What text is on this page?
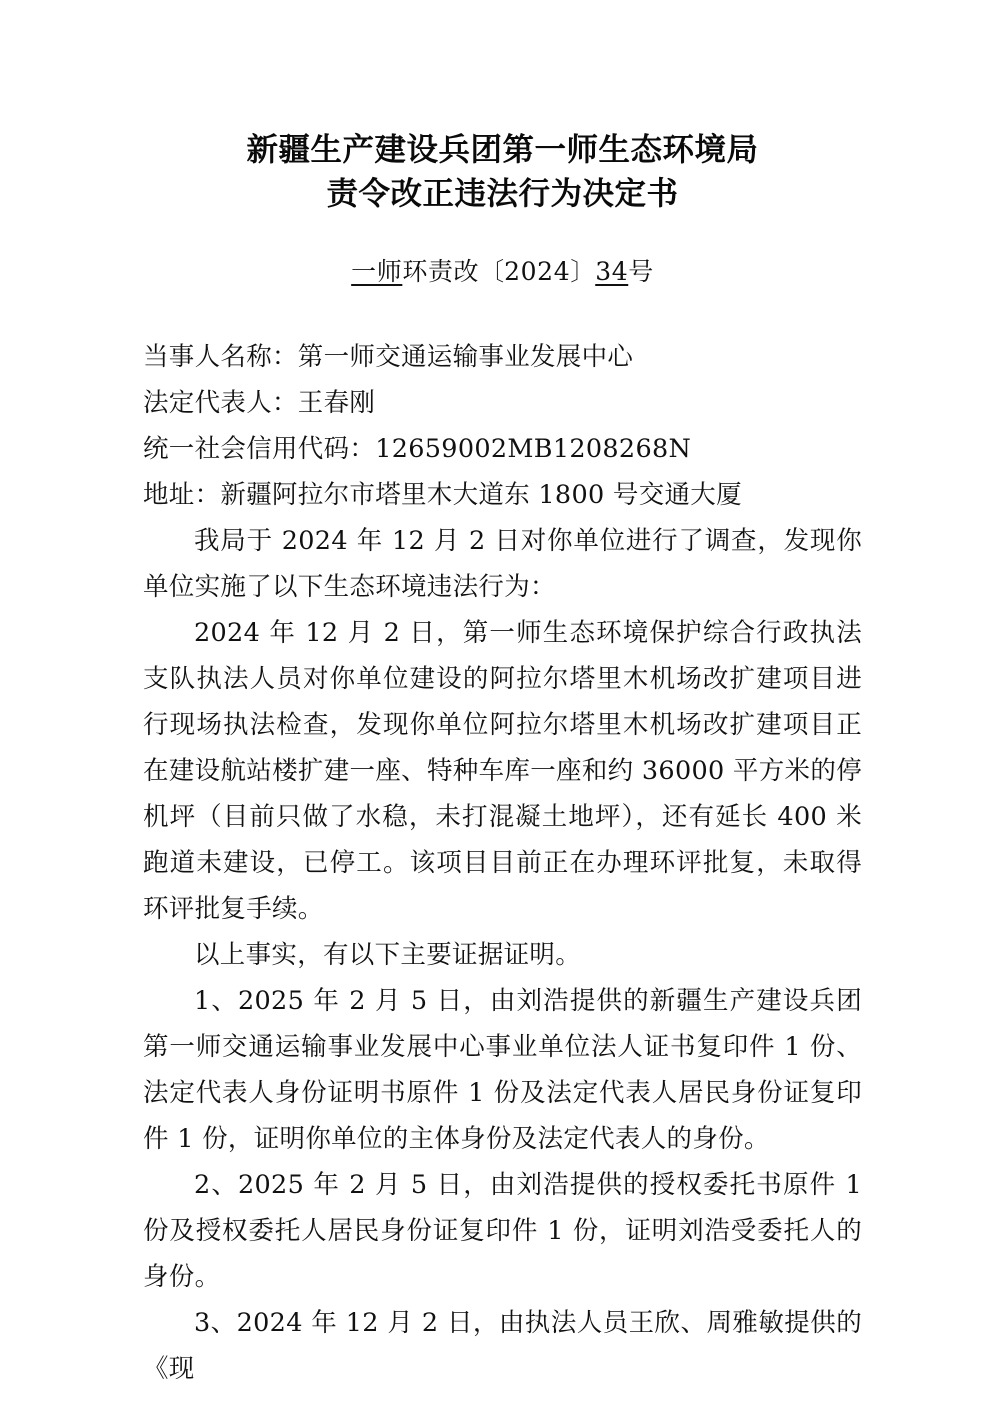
新疆生产建设兵团第一师生态环境局
责令改正违法行为决定书

一师环责改〔2024〕34号

当事人名称：第一师交通运输事业发展中心

法定代表人：王春刚

统一社会信用代码：12659002MB1208268N

地址：新疆阿拉尔市塔里木大道东 1800 号交通大厦

我局于 2024 年 12 月 2 日对你单位进行了调查，发现你单位实施了以下生态环境违法行为：

2024 年 12 月 2 日，第一师生态环境保护综合行政执法支队执法人员对你单位建设的阿拉尔塔里木机场改扩建项目进行现场执法检查，发现你单位阿拉尔塔里木机场改扩建项目正在建设航站楼扩建一座、特种车库一座和约 36000 平方米的停机坪（目前只做了水稳，未打混凝土地坪），还有延长 400 米跑道未建设，已停工。该项目目前正在办理环评批复，未取得环评批复手续。

以上事实，有以下主要证据证明。

1、2025 年 2 月 5 日，由刘浩提供的新疆生产建设兵团第一师交通运输事业发展中心事业单位法人证书复印件 1 份、法定代表人身份证明书原件 1 份及法定代表人居民身份证复印件 1 份，证明你单位的主体身份及法定代表人的身份。

2、2025 年 2 月 5 日，由刘浩提供的授权委托书原件 1 份及授权委托人居民身份证复印件 1 份，证明刘浩受委托人的身份。

3、2024 年 12 月 2 日，由执法人员王欣、周雅敏提供的《现
